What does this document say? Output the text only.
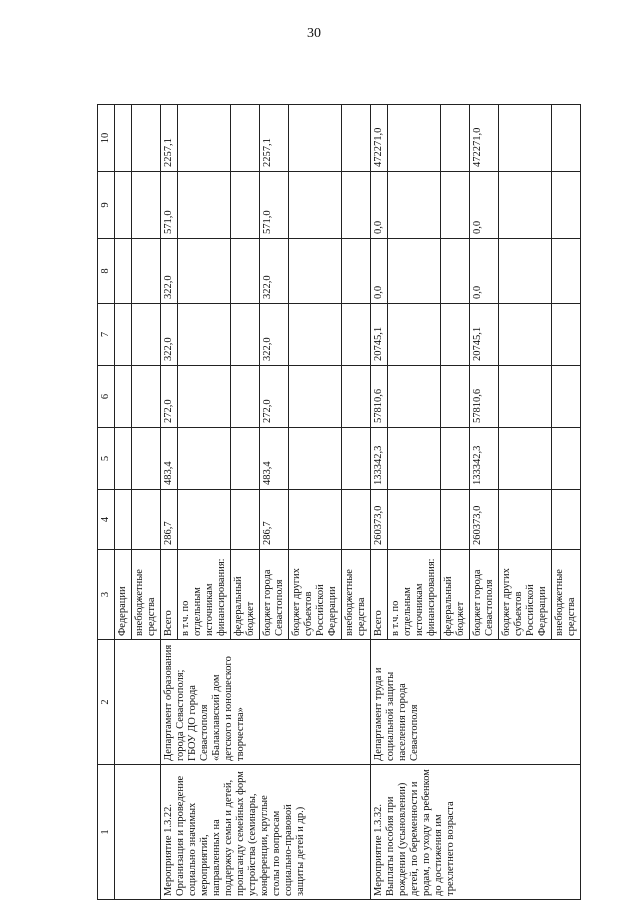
30
1	2	3	4	5	6	7	8	9	10
		Федерации							
		внебюджетные средства							
Мероприятие 1.3.22. Организация и проведение социально значимых мероприятий, направленных на поддержку семьи и детей, пропаганду семейных форм устройства (семинары, конференции, круглые столы по вопросам социально-правовой защиты детей и др.)	Департамент образования города Севастополя; ГБОУ ДО города Севастополя «Балаклавский дом детского и юношеского творчества»	Всего	286,7	483,4	272,0	322,0	322,0	571,0	2257,1
		в т.ч. по отдельным источникам финансирования:							
		федеральный бюджет							
		бюджет города Севастополя	286,7	483,4	272,0	322,0	322,0	571,0	2257,1
		бюджет других субъектов Российской Федерации							
		внебюджетные средства							
Мероприятие 1.3.32. Выплаты пособия при рождении (усыновлении) детей, по беременности и родам, по уходу за ребенком до достижения им трехлетнего возраста	Департамент труда и социальной защиты населения города Севастополя	Всего	260373,0	133342,3	57810,6	20745,1	0,0	0,0	472271,0
		в т.ч. по отдельным источникам финансирования:							
		федеральный бюджет							
		бюджет города Севастополя	260373,0	133342,3	57810,6	20745,1	0,0	0,0	472271,0
		бюджет других субъектов Российской Федерации							
		внебюджетные средства							
